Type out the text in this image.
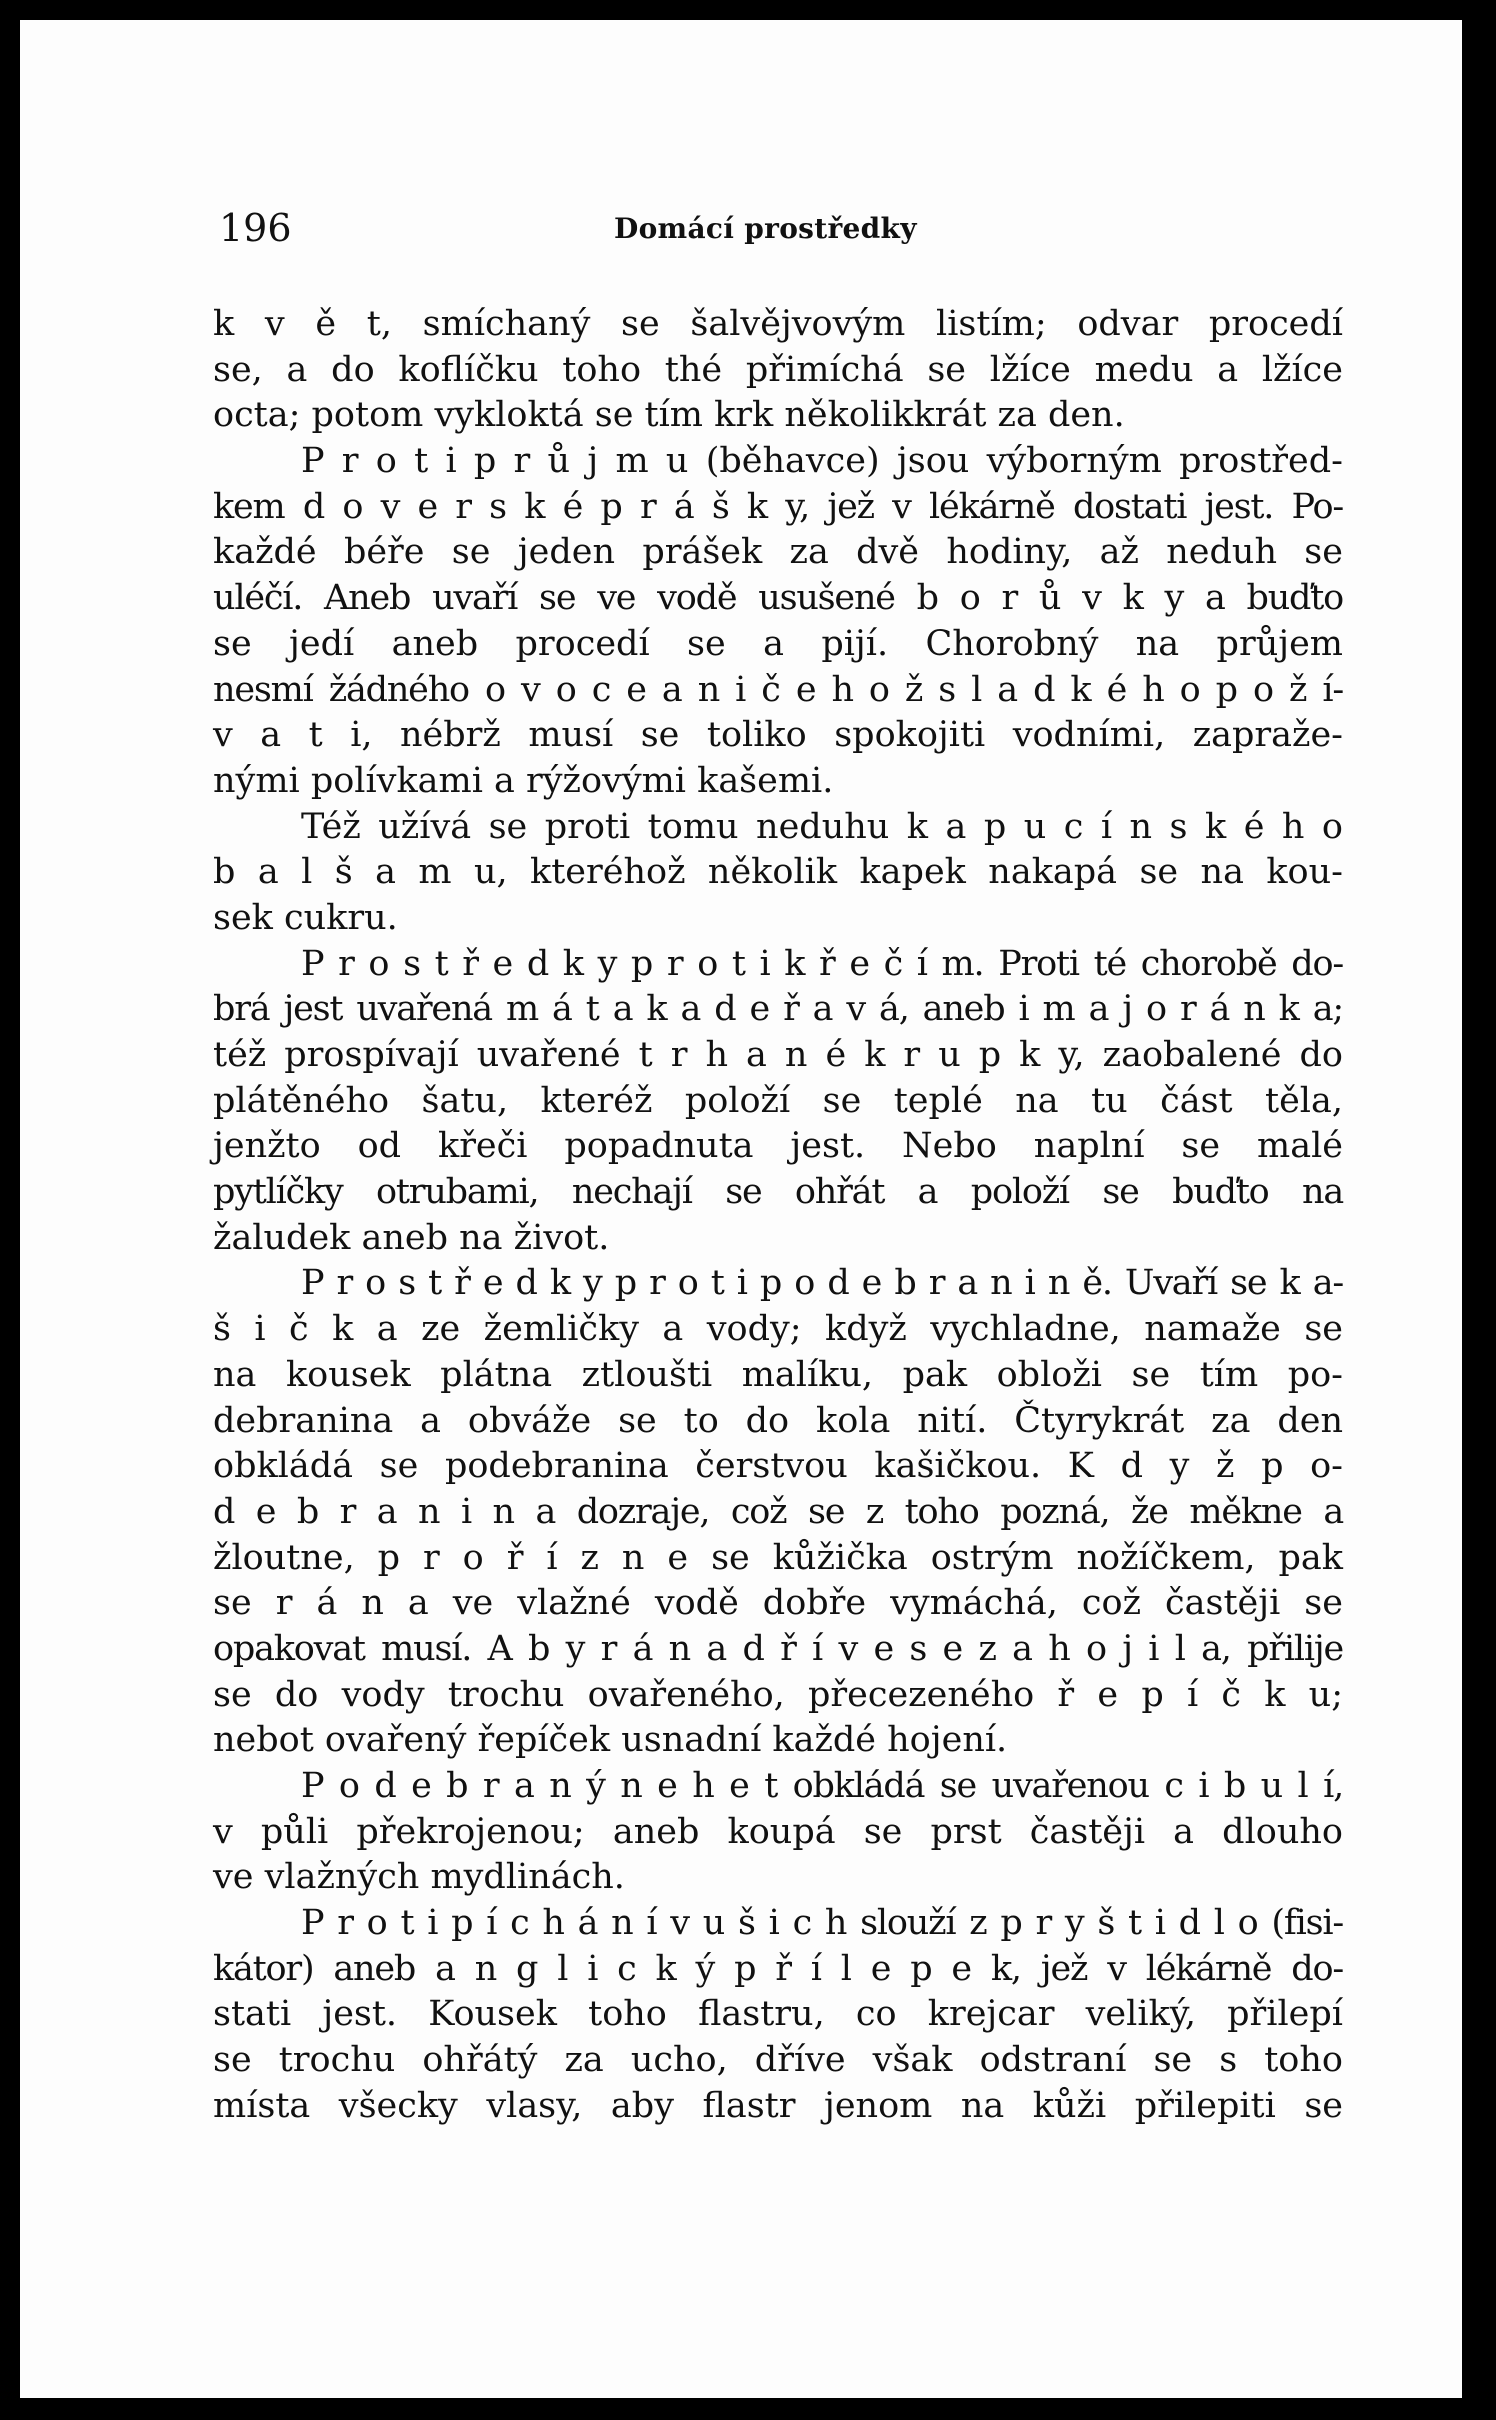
196	Domácí prostředky
k v ě t, smíchaný se šalvějvovým listím; odvar procedí
se, a do koflíčku toho thé přimíchá se lžíce medu a lžíce
octa; potom vykloktá se tím krk několikkrát za den.
P r o t i p r ů j m u (běhavce) jsou výborným prostřed-
kem d o v e r s k é p r á š k y, jež v lékárně dostati jest. Po-
každé béře se jeden prášek za dvě hodiny, až neduh se
uléčí. Aneb uvaří se ve vodě usušené b o r ů v k y a buďto
se jedí aneb procedí se a pijí. Chorobný na průjem
nesmí žádného o v o c e a n i č e h o ž s l a d k é h o p o ž í-
v a t i, nébrž musí se toliko spokojiti vodními, zapraže-
nými polívkami a rýžovými kašemi.
Též užívá se proti tomu neduhu k a p u c í n s k é h o
b a l š a m u, kteréhož několik kapek nakapá se na kou-
sek cukru.
P r o s t ř e d k y p r o t i k ř e č í m. Proti té chorobě do-
brá jest uvařená m á t a k a d e ř a v á, aneb i m a j o r á n k a;
též prospívají uvařené t r h a n é k r u p k y, zaobalené do
plátěného šatu, kteréž položí se teplé na tu část těla,
jenžto od křeči popadnuta jest. Nebo naplní se malé
pytlíčky otrubami, nechají se ohřát a položí se buďto na
žaludek aneb na život.
P r o s t ř e d k y p r o t i p o d e b r a n i n ě. Uvaří se k a-
š i č k a ze žemličky a vody; když vychladne, namaže se
na kousek plátna ztloušti malíku, pak obloži se tím po-
debranina a obváže se to do kola nití. Čtyrykrát za den
obkládá se podebranina čerstvou kašičkou. K d y ž p o-
d e b r a n i n a dozraje, což se z toho pozná, že měkne a
žloutne, p r o ř í z n e se kůžička ostrým nožíčkem, pak
se r á n a ve vlažné vodě dobře vymáchá, což častěji se
opakovat musí. A b y r á n a d ř í v e s e z a h o j i l a, přilije
se do vody trochu ovařeného, přecezeného ř e p í č k u;
nebot ovařený řepíček usnadní každé hojení.
P o d e b r a n ý n e h e t obkládá se uvařenou c i b u l í,
v půli překrojenou; aneb koupá se prst častěji a dlouho
ve vlažných mydlinách.
P r o t i p í c h á n í v u š i c h slouží z p r y š t i d l o (fisi-
kátor) aneb a n g l i c k ý p ř í l e p e k, jež v lékárně do-
stati jest. Kousek toho flastru, co krejcar veliký, přilepí
se trochu ohřátý za ucho, dříve však odstraní se s toho
místa všecky vlasy, aby flastr jenom na kůži přilepiti se
